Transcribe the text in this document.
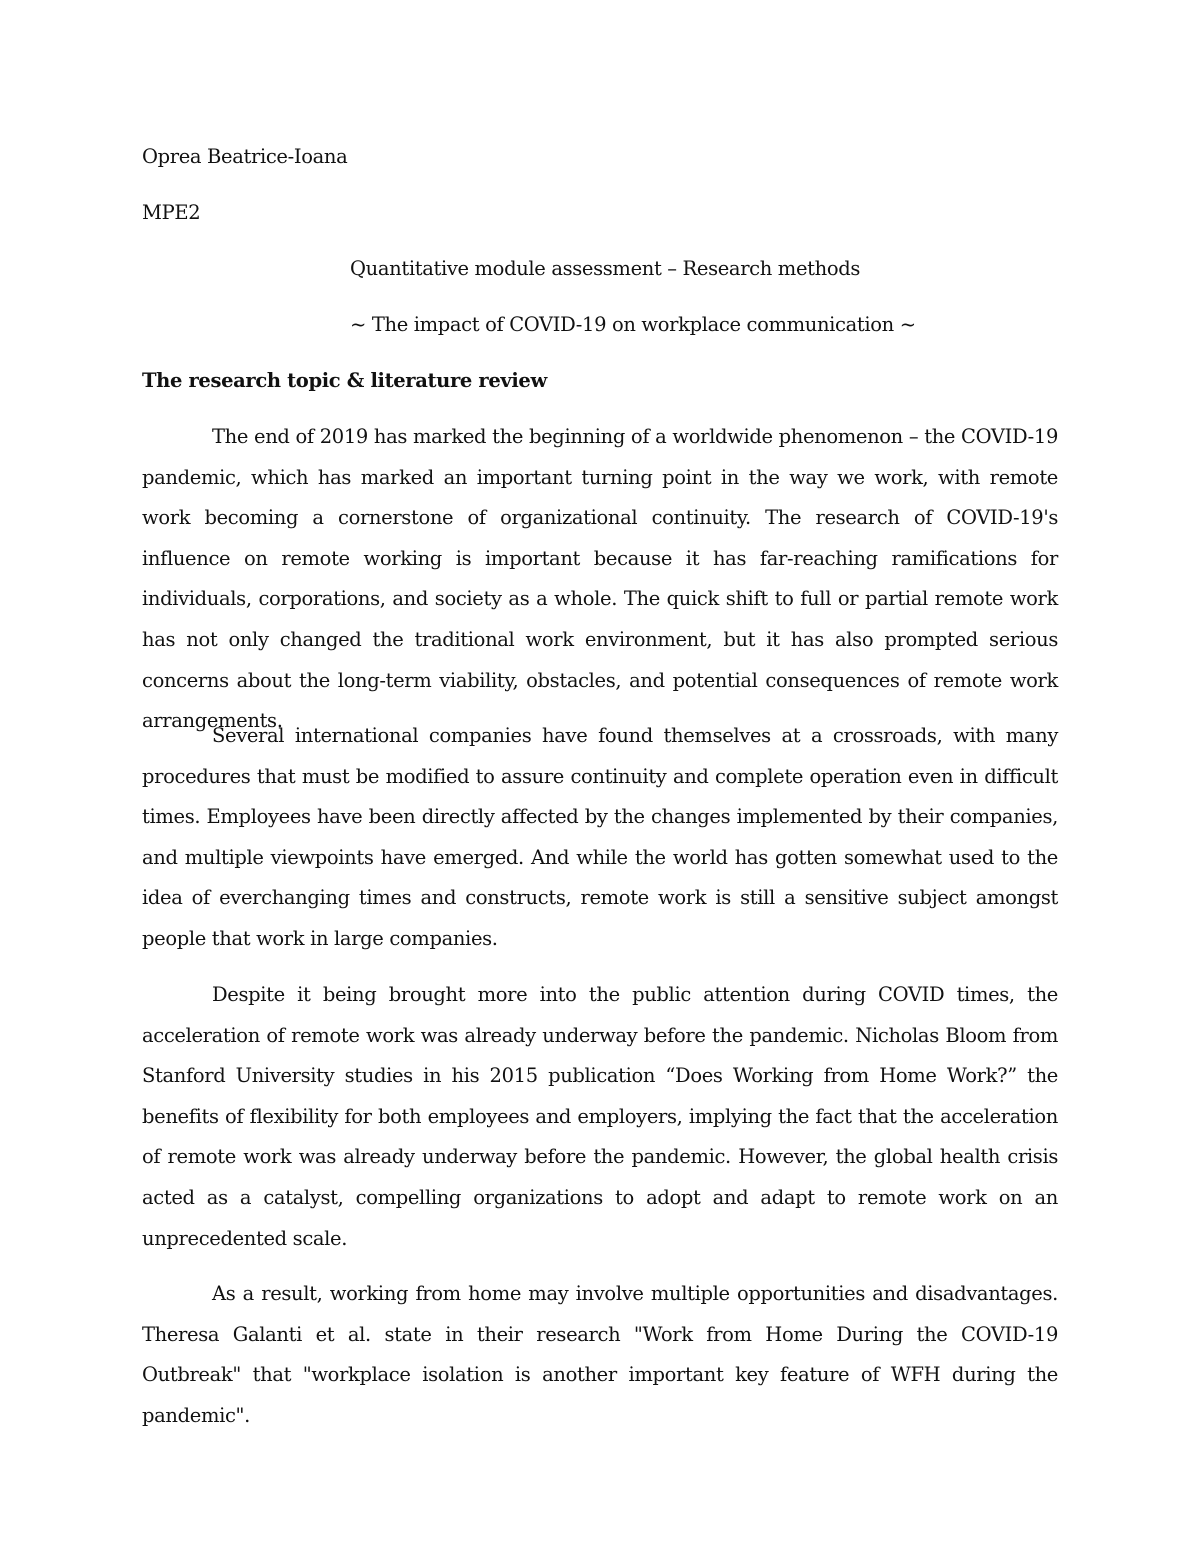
Oprea Beatrice-Ioana
MPE2
Quantitative module assessment – Research methods
~ The impact of COVID-19 on workplace communication ~
The research topic & literature review

The end of 2019 has marked the beginning of a worldwide phenomenon – the COVID-19 pandemic, which has marked an important turning point in the way we work, with remote work becoming a cornerstone of organizational continuity. The research of COVID-19's influence on remote working is important because it has far-reaching ramifications for individuals, corporations, and society as a whole. The quick shift to full or partial remote work has not only changed the traditional work environment, but it has also prompted serious concerns about the long-term viability, obstacles, and potential consequences of remote work arrangements.

Several international companies have found themselves at a crossroads, with many procedures that must be modified to assure continuity and complete operation even in difficult times. Employees have been directly affected by the changes implemented by their companies, and multiple viewpoints have emerged. And while the world has gotten somewhat used to the idea of everchanging times and constructs, remote work is still a sensitive subject amongst people that work in large companies.

Despite it being brought more into the public attention during COVID times, the acceleration of remote work was already underway before the pandemic. Nicholas Bloom from Stanford University studies in his 2015 publication “Does Working from Home Work?” the benefits of flexibility for both employees and employers, implying the fact that the acceleration of remote work was already underway before the pandemic. However, the global health crisis acted as a catalyst, compelling organizations to adopt and adapt to remote work on an unprecedented scale.

As a result, working from home may involve multiple opportunities and disadvantages. Theresa Galanti et al. state in their research "Work from Home During the COVID-19 Outbreak" that "workplace isolation is another important key feature of WFH during the pandemic".
